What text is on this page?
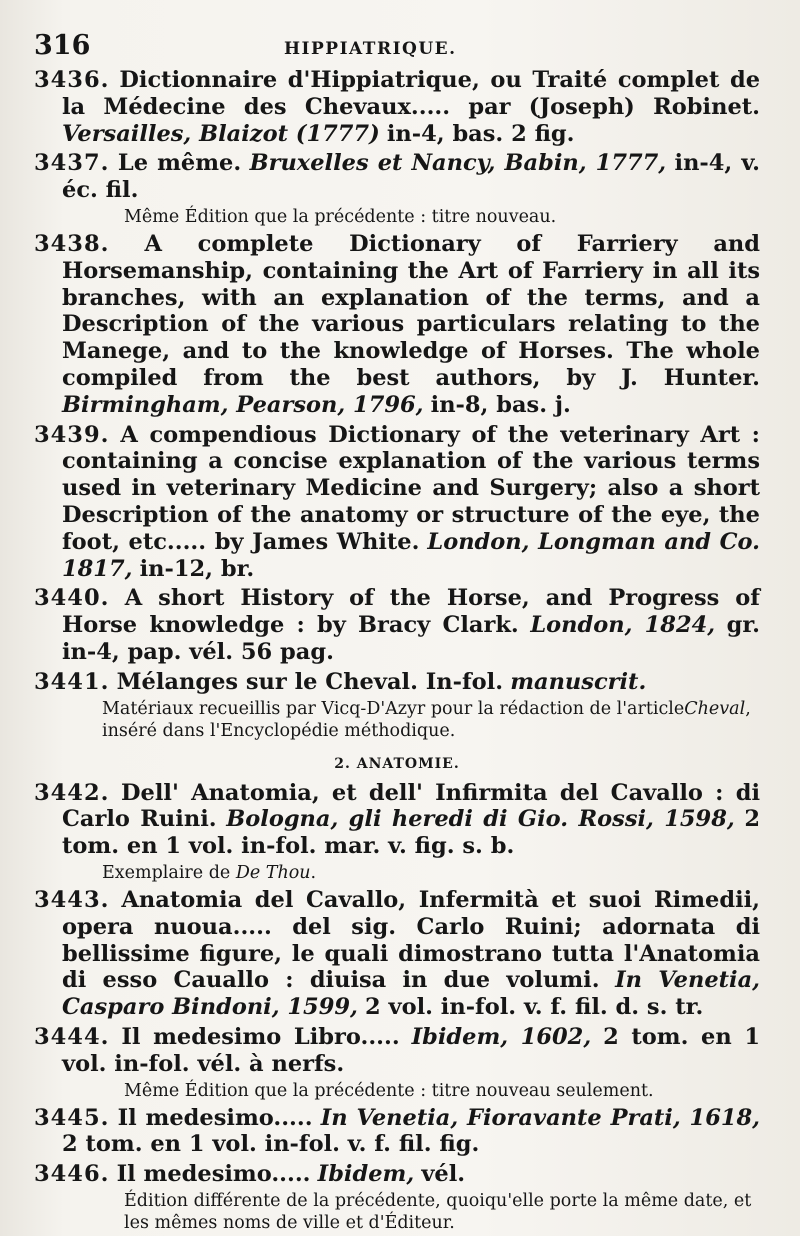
316	HIPPIATRIQUE.

3436. Dictionnaire d'Hippiatrique, ou Traité complet de la Médecine des Chevaux..... par (Joseph) Robinet. Versailles, Blaizot (1777) in-4, bas. 2 fig.

3437. Le même. Bruxelles et Nancy, Babin, 1777, in-4, v. éc. fil.

Même Édition que la précédente : titre nouveau.

3438. A complete Dictionary of Farriery and Horsemanship, containing the Art of Farriery in all its branches, with an explanation of the terms, and a Description of the various particulars relating to the Manege, and to the knowledge of Horses. The whole compiled from the best authors, by J. Hunter. Birmingham, Pearson, 1796, in-8, bas. j.

3439. A compendious Dictionary of the veterinary Art : containing a concise explanation of the various terms used in veterinary Medicine and Surgery; also a short Description of the anatomy or structure of the eye, the foot, etc..... by James White. London, Longman and Co. 1817, in-12, br.

3440. A short History of the Horse, and Progress of Horse knowledge : by Bracy Clark. London, 1824, gr. in-4, pap. vél. 56 pag.

3441. Mélanges sur le Cheval. In-fol. manuscrit.

Matériaux recueillis par Vicq-D'Azyr pour la rédaction de l'articleCheval, inséré dans l'Encyclopédie méthodique.
2. ANATOMIE.

3442. Dell' Anatomia, et dell' Infirmita del Cavallo : di Carlo Ruini. Bologna, gli heredi di Gio. Rossi, 1598, 2 tom. en 1 vol. in-fol. mar. v. fig. s. b.

Exemplaire de De Thou.

3443. Anatomia del Cavallo, Infermità et suoi Rimedii, opera nuoua..... del sig. Carlo Ruini; adornata di bellissime figure, le quali dimostrano tutta l'Anatomia di esso Cauallo : diuisa in due volumi. In Venetia, Casparo Bindoni, 1599, 2 vol. in-fol. v. f. fil. d. s. tr.

3444. Il medesimo Libro..... Ibidem, 1602, 2 tom. en 1 vol. in-fol. vél. à nerfs.

Même Édition que la précédente : titre nouveau seulement.

3445. Il medesimo..... In Venetia, Fioravante Prati, 1618, 2 tom. en 1 vol. in-fol. v. f. fil. fig.

3446. Il medesimo..... Ibidem, vél.

Édition différente de la précédente, quoiqu'elle porte la même date, et les mêmes noms de ville et d'Éditeur.
